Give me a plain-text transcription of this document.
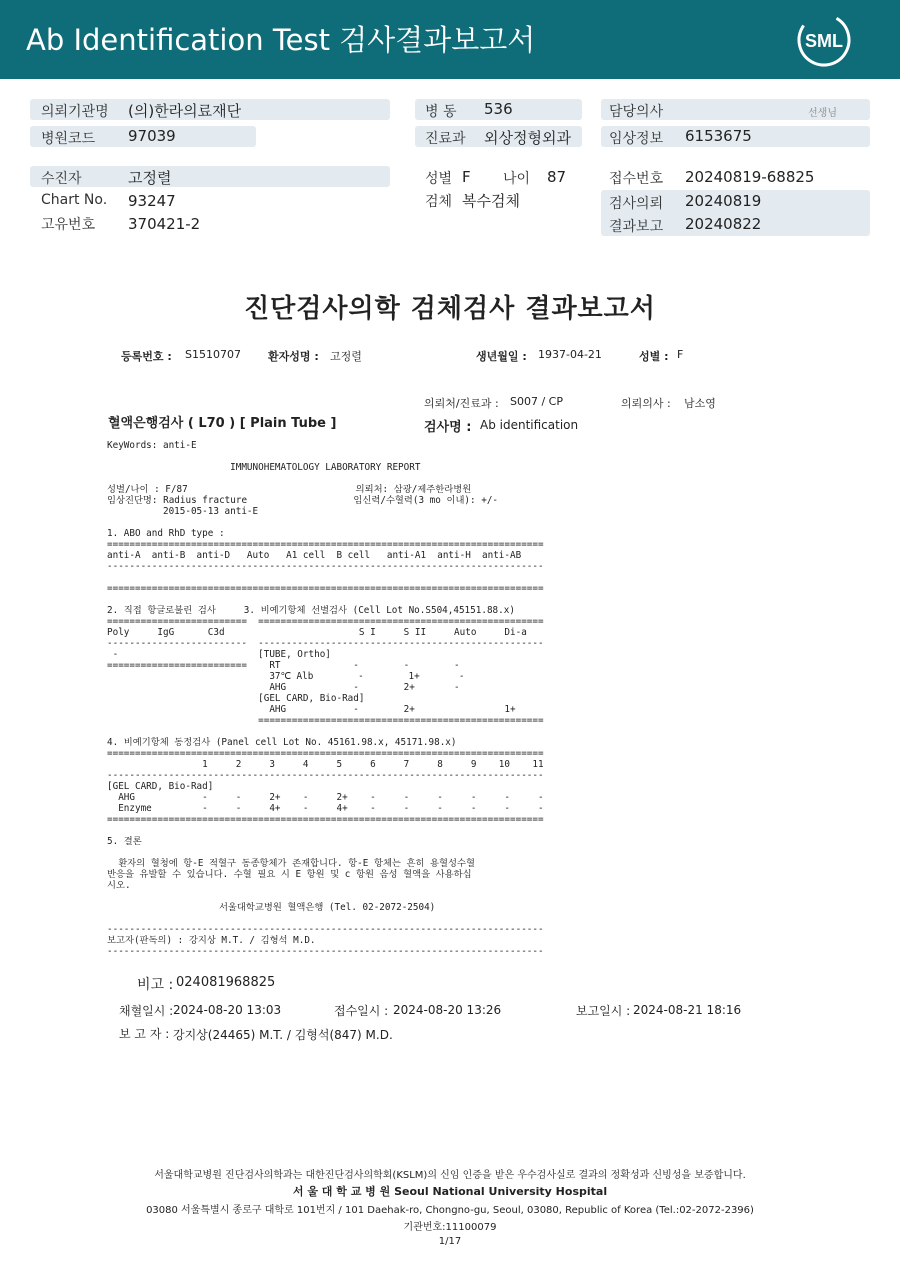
Ab Identification Test 검사결과보고서	SML
의뢰기관명 (의)한라의료재단
병원코드 97039
병 동 536
진료과 외상정형외과
담당의사	선생님
임상정보 6153675
수진자	고정렬
Chart No. 93247
고유번호 370421-2
성별 F 나이 87
검체 복수검체
접수번호 20240819-68825
검사의뢰 20240819
결과보고 20240822
진단검사의학 검체검사 결과보고서
등록번호 : S1510707 환자성명 : 고정렬	생년월일 : 1937-04-21	성별 : F
의뢰처/진료과 : S007 / CP	의뢰의사 : 남소영
혈액은행검사 ( L70 ) [ Plain Tube ]	검사명 : Ab identification
KeyWords: anti-E

IMMUNOHEMATOLOGY LABORATORY REPORT

성별/나이 : F/87                              의뢰처: 삼광/제주한라병원
임상진단명: Radius fracture                   임신력/수혈력(3 mo 이내): +/-
2015-05-13 anti-E

1. ABO and RhD type :
==============================================================================
anti-A  anti-B  anti-D   Auto   A1 cell  B cell   anti-A1  anti-H  anti-AB
------------------------------------------------------------------------------

==============================================================================

2. 직접 항글로불린 검사     3. 비예기항체 선별검사 (Cell Lot No.S504,45151.88.x)
=========================  ===================================================
Poly     IgG      C3d                        S I     S II     Auto     Di-a
-------------------------  ---------------------------------------------------
-                         [TUBE, Ortho]
=========================    RT             -        -        -
37℃ Alb        -        1+       -
AHG            -        2+       -
[GEL CARD, Bio-Rad]
AHG            -        2+                1+
===================================================

4. 비예기항체 동정검사 (Panel cell Lot No. 45161.98.x, 45171.98.x)
==============================================================================
1     2     3     4     5     6     7     8     9    10    11
------------------------------------------------------------------------------
[GEL CARD, Bio-Rad]
AHG            -     -     2+    -     2+    -     -     -     -     -     -
Enzyme         -     -     4+    -     4+    -     -     -     -     -     -
==============================================================================

5. 결론

환자의 혈청에 항-E 적혈구 동종항체가 존재합니다. 항-E 항체는 흔히 용혈성수혈
반응을 유발할 수 있습니다. 수혈 필요 시 E 항원 및 c 항원 음성 혈액을 사용하십
시오.

서울대학교병원 혈액은행 (Tel. 02-2072-2504)

------------------------------------------------------------------------------
보고자(판독의) : 강지상 M.T. / 김형석 M.D.
------------------------------------------------------------------------------
비고 : 024081968825
채혈일시 : 2024-08-20 13:03	접수일시 : 2024-08-20 13:26	보고일시 : 2024-08-21 18:16
보 고 자 : 강지상(24465) M.T. / 김형석(847) M.D.
서울대학교병원 진단검사의학과는 대한진단검사의학회(KSLM)의 신임 인증을 받은 우수검사실로 결과의 정확성과 신빙성을 보증합니다.
서 울 대 학 교 병 원 Seoul National University Hospital
03080 서울특별시 종로구 대학로 101번지 / 101 Daehak-ro, Chongno-gu, Seoul, 03080, Republic of Korea (Tel.:02-2072-2396)
기관번호:11100079
1/17
